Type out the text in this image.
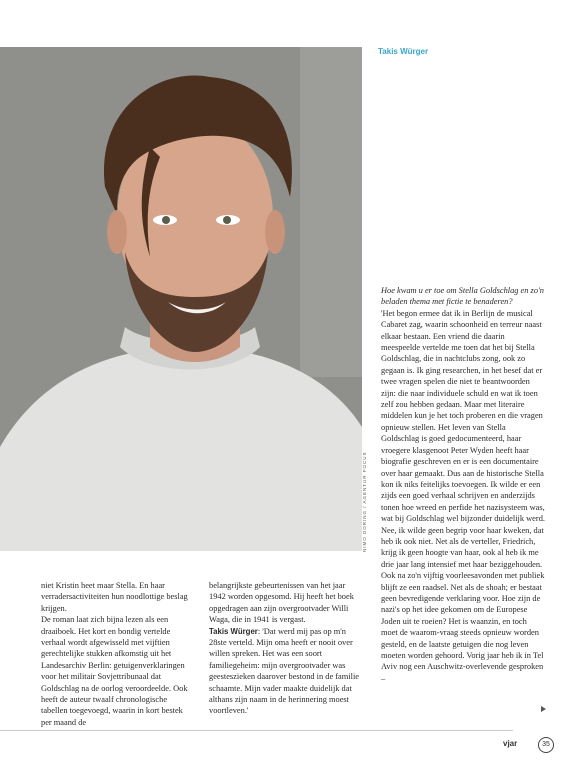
NIMO DORING / AGENTUR FOCUS
Takis Würger

Hoe kwam u er toe om Stella Goldschlag en zo'n beladen thema met fictie te benaderen?

'Het begon ermee dat ik in Berlijn de musical Cabaret zag, waarin schoonheid en terreur naast elkaar bestaan. Een vriend die daarin meespeelde vertelde me toen dat het bij Stella Goldschlag, die in nachtclubs zong, ook zo gegaan is. Ik ging researchen, in het besef dat er twee vragen spelen die niet te beantwoorden zijn: die naar individuele schuld en wat ik toen zelf zou hebben gedaan. Maar met literaire middelen kun je het toch proberen en die vragen opnieuw stellen. Het leven van Stella Goldschlag is goed gedocumenteerd, haar vroegere klasgenoot Peter Wyden heeft haar biografie geschreven en er is een documentaire over haar gemaakt. Dus aan de historische Stella kon ik niks feitelijks toevoegen. Ik wilde er een zijds een goed verhaal schrijven en anderzijds tonen hoe wreed en perfide het nazisysteem was, wat bij Goldschlag wel bijzonder duidelijk werd. Nee, ik wilde geen begrip voor haar kweken, dat heb ik ook niet. Net als de verteller, Friedrich, krijg ik geen hoogte van haar, ook al heb ik me drie jaar lang intensief met haar beziggehouden. Ook na zo'n vijftig voorleesavonden met publiek blijft ze een raadsel. Net als de shoah; er bestaat geen bevredigende verklaring voor. Hoe zijn de nazi's op het idee gekomen om de Europese Joden uit te roeien? Het is waanzin, en toch moet de waarom-vraag steeds opnieuw worden gesteld, en de laatste getuigen die nog leven moeten worden gehoord. Vorig jaar heb ik in Tel Aviv nog een Auschwitz-overlevende gesproken –

niet Kristin heet maar Stella. En haar verradersactiviteiten hun noodlottige beslag krijgen.

De roman laat zich bijna lezen als een draaiboek. Het kort en bondig vertelde verhaal wordt afgewisseld met vijftien gerechtelijke stukken afkomstig uit het Landesarchiv Berlin: getuigenverklaringen voor het militair Sovjettribunaal dat Goldschlag na de oorlog veroordeelde. Ook heeft de auteur twaalf chronologische tabellen toegevoegd, waarin in kort bestek per maand de

belangrijkste gebeurtenissen van het jaar 1942 worden opgesomd. Hij heeft het boek opgedragen aan zijn overgrootvader Willi Waga, die in 1941 is vergast.

Takis Würger: 'Dat werd mij pas op m'n 28ste verteld. Mijn oma heeft er nooit over willen spreken. Het was een soort familiegeheim: mijn overgrootvader was geesteszieken daarover bestond in de familie schaamte. Mijn vader maakte duidelijk dat althans zijn naam in de herinnering moest voortleven.'

vjar	35
